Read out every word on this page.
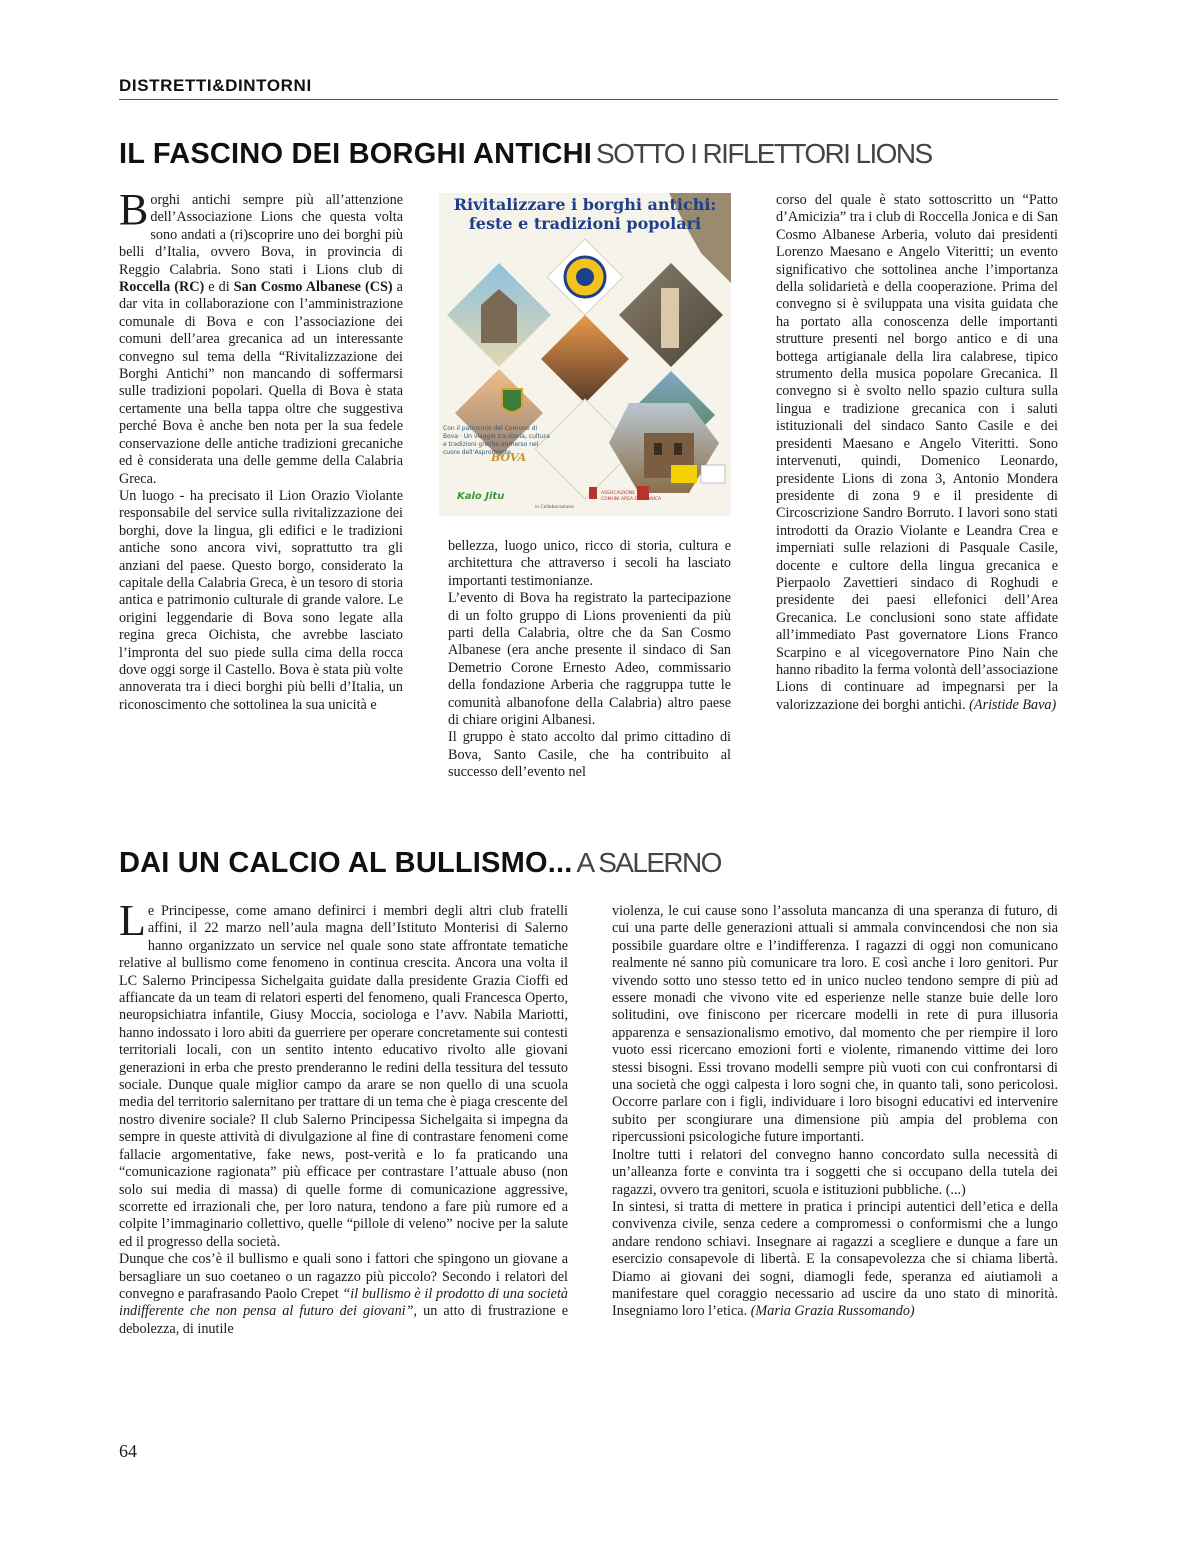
DISTRETTI&DINTORNI
IL FASCINO DEI BORGHI ANTICHI SOTTO I RIFLETTORI LIONS

Borghi antichi sempre più all’attenzione dell’Associazione Lions che questa volta sono andati a (ri)scoprire uno dei borghi più belli d’Italia, ovvero Bova, in provincia di Reggio Calabria. Sono stati i Lions club di Roccella (RC) e di San Cosmo Albanese (CS) a dar vita in collaborazione con l’amministrazione comunale di Bova e con l’associazione dei comuni dell’area grecanica ad un interessante convegno sul tema della “Rivitalizzazione dei Borghi Antichi” non mancando di soffermarsi sulle tradizioni popolari. Quella di Bova è stata certamente una bella tappa oltre che suggestiva perché Bova è anche ben nota per la sua fedele conservazione delle antiche tradizioni grecaniche ed è considerata una delle gemme della Calabria Greca.

Un luogo - ha precisato il Lion Orazio Violante responsabile del service sulla rivitalizzazione dei borghi, dove la lingua, gli edifici e le tradizioni antiche sono ancora vivi, soprattutto tra gli anziani del paese. Questo borgo, considerato la capitale della Calabria Greca, è un tesoro di storia antica e patrimonio culturale di grande valore. Le origini leggendarie di Bova sono legate alla regina greca Oichista, che avrebbe lasciato l’impronta del suo piede sulla cima della rocca dove oggi sorge il Castello. Bova è stata più volte annoverata tra i dieci borghi più belli d’Italia, un riconoscimento che sottolinea la sua unicità e

Kalo Jitu	ASSOCIAZIONE
COMUNI AREA GRECANICA
Rivitalizzare i borghi antichi:
feste e tradizioni popolari
Con il patrocinio del Comune di Bova · Un viaggio tra storia, cultura e tradizioni greche immerso nel cuore dell’Aspromonte
BOVA
in Collaborazione

bellezza, luogo unico, ricco di storia, cultura e architettura che attraverso i secoli ha lasciato importanti testimonianze.

L’evento di Bova ha registrato la partecipazione di un folto gruppo di Lions provenienti da più parti della Calabria, oltre che da San Cosmo Albanese (era anche presente il sindaco di San Demetrio Corone Ernesto Adeo, commissario della fondazione Arberia che raggruppa tutte le comunità albanofone della Calabria) altro paese di chiare origini Albanesi.

Il gruppo è stato accolto dal primo cittadino di Bova, Santo Casile, che ha contribuito al successo dell’evento nel

corso del quale è stato sottoscritto un “Patto d’Amicizia” tra i club di Roccella Jonica e di San Cosmo Albanese Arberia, voluto dai presidenti Lorenzo Maesano e Angelo Viteritti; un evento significativo che sottolinea anche l’importanza della solidarietà e della cooperazione. Prima del convegno si è sviluppata una visita guidata che ha portato alla conoscenza delle importanti strutture presenti nel borgo antico e di una bottega artigianale della lira calabrese, tipico strumento della musica popolare Grecanica. Il convegno si è svolto nello spazio cultura sulla lingua e tradizione grecanica con i saluti istituzionali del sindaco Santo Casile e dei presidenti Maesano e Angelo Viteritti. Sono intervenuti, quindi, Domenico Leonardo, presidente Lions di zona 3, Antonio Mondera presidente di zona 9 e il presidente di Circoscrizione Sandro Borruto. I lavori sono stati introdotti da Orazio Violante e Leandra Crea e imperniati sulle relazioni di Pasquale Casile, docente e cultore della lingua grecanica e Pierpaolo Zavettieri sindaco di Roghudi e presidente dei paesi ellefonici dell’Area Grecanica. Le conclusioni sono state affidate all’immediato Past governatore Lions Franco Scarpino e al vicegovernatore Pino Nain che hanno ribadito la ferma volontà dell’associazione Lions di continuare ad impegnarsi per la valorizzazione dei borghi antichi. (Aristide Bava)

DAI UN CALCIO AL BULLISMO... A SALERNO

Le Principesse, come amano definirci i membri degli altri club fratelli affini, il 22 marzo nell’aula magna dell’Istituto Monterisi di Salerno hanno organizzato un service nel quale sono state affrontate tematiche relative al bullismo come fenomeno in continua crescita. Ancora una volta il LC Salerno Principessa Sichelgaita guidate dalla presidente Grazia Cioffi ed affiancate da un team di relatori esperti del fenomeno, quali Francesca Operto, neuropsichiatra infantile, Giusy Moccia, sociologa e l’avv. Nabila Mariotti, hanno indossato i loro abiti da guerriere per operare concretamente sui contesti territoriali locali, con un sentito intento educativo rivolto alle giovani generazioni in erba che presto prenderanno le redini della tessitura del tessuto sociale. Dunque quale miglior campo da arare se non quello di una scuola media del territorio salernitano per trattare di un tema che è piaga crescente del nostro divenire sociale? Il club Salerno Principessa Sichelgaita si impegna da sempre in queste attività di divulgazione al fine di contrastare fenomeni come fallacie argomentative, fake news, post-verità e lo fa praticando una “comunicazione ragionata” più efficace per contrastare l’attuale abuso (non solo sui media di massa) di quelle forme di comunicazione aggressive, scorrette ed irrazionali che, per loro natura, tendono a fare più rumore ed a colpite l’immaginario collettivo, quelle “pillole di veleno” nocive per la salute ed il progresso della società.

Dunque che cos’è il bullismo e quali sono i fattori che spingono un giovane a bersagliare un suo coetaneo o un ragazzo più piccolo? Secondo i relatori del convegno e parafrasando Paolo Crepet “il bullismo è il prodotto di una società indifferente che non pensa al futuro dei giovani”, un atto di frustrazione e debolezza, di inutile

violenza, le cui cause sono l’assoluta mancanza di una speranza di futuro, di cui una parte delle generazioni attuali si ammala convincendosi che non sia possibile guardare oltre e l’indifferenza. I ragazzi di oggi non comunicano realmente né sanno più comunicare tra loro. E così anche i loro genitori. Pur vivendo sotto uno stesso tetto ed in unico nucleo tendono sempre di più ad essere monadi che vivono vite ed esperienze nelle stanze buie delle loro solitudini, ove finiscono per ricercare modelli in rete di pura illusoria apparenza e sensazionalismo emotivo, dal momento che per riempire il loro vuoto essi ricercano emozioni forti e violente, rimanendo vittime dei loro stessi bisogni. Essi trovano modelli sempre più vuoti con cui confrontarsi di una società che oggi calpesta i loro sogni che, in quanto tali, sono pericolosi. Occorre parlare con i figli, individuare i loro bisogni educativi ed intervenire subito per scongiurare una dimensione più ampia del problema con ripercussioni psicologiche future importanti.

Inoltre tutti i relatori del convegno hanno concordato sulla necessità di un’alleanza forte e convinta tra i soggetti che si occupano della tutela dei ragazzi, ovvero tra genitori, scuola e istituzioni pubbliche. (...)

In sintesi, si tratta di mettere in pratica i principi autentici dell’etica e della convivenza civile, senza cedere a compromessi o conformismi che a lungo andare rendono schiavi. Insegnare ai ragazzi a scegliere e dunque a fare un esercizio consapevole di libertà. E la consapevolezza che si chiama libertà. Diamo ai giovani dei sogni, diamogli fede, speranza ed aiutiamoli a manifestare quel coraggio necessario ad uscire da uno stato di minorità. Insegniamo loro l’etica. (Maria Grazia Russomando)

64
